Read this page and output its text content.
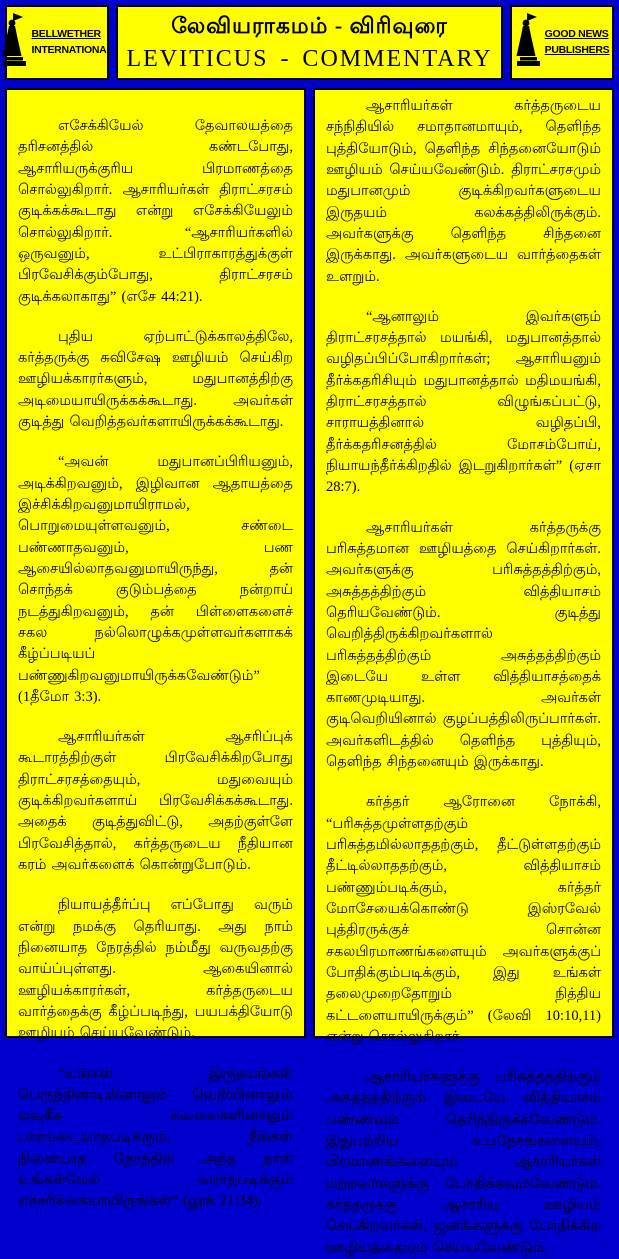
BELLWETHER
INTERNATIONAL
லேவியராகமம் - விரிவுரை
LEVITICUS - COMMENTARY
GOOD NEWS
PUBLISHERS

எசேக்கியேல் தேவாலயத்தை தரிசனத்தில் கண்டபோது, ஆசாரியருக்குரிய பிரமாணத்தை சொல்லுகிறார். ஆசாரியர்கள் திராட்சரசம் குடிக்கக்கூடாது என்று எசேக்கியேலும் சொல்லுகிறார். “ஆசாரியர்களில் ஒருவனும், உட்பிராகாரத்துக்குள் பிரவேசிக்கும்போது, திராட்சரசம் குடிக்கலாகாது” (எசே 44:21).

புதிய ஏற்பாட்டுக்காலத்திலே, கர்த்தருக்கு சுவிசேஷ ஊழியம் செய்கிற ஊழியக்காரர்களும், மதுபானத்திற்கு அடிமையாயிருக்கக்கூடாது. அவர்கள் குடித்து வெறித்தவர்களாயிருக்கக்கூடாது.

“அவன் மதுபானப்பிரியனும், அடிக்கிறவனும், இழிவான ஆதாயத்தை இச்சிக்கிறவனுமாயிராமல், பொறுமையுள்ளவனும், சண்டை பண்ணாதவனும், பண ஆசையில்லாதவனுமாயிருந்து, தன் சொந்தக் குடும்பத்தை நன்றாய் நடத்துகிறவனும், தன் பிள்ளைகளைச் சகல நல்லொழுக்கமுள்ளவர்களாகக் கீழ்ப்படியப் பண்ணுகிறவனுமாயிருக்கவேண்டும்” (1தீமோ 3:3).

ஆசாரியர்கள் ஆசரிப்புக் கூடாரத்திற்குள் பிரவேசிக்கிறபோது திராட்சரசத்தையும், மதுவையும் குடிக்கிறவர்களாய் பிரவேசிக்கக்கூடாது. அதைக் குடித்துவிட்டு, அதற்குள்ளே பிரவேசித்தால், கர்த்தருடைய நீதியான கரம் அவர்களைக் கொன்றுபோடும்.

நியாயத்தீர்ப்பு எப்போது வரும் என்று நமக்கு தெரியாது. அது நாம் நினையாத நேரத்தில் நம்மீது வருவதற்கு வாய்ப்புள்ளது. ஆகையினால் ஊழியக்காரர்கள், கர்த்தருடைய வார்த்தைக்கு கீழ்ப்படிந்து, பயபக்தியோடு ஊழியம் செய்யவேண்டும்.

“உங்கள் இருதயங்கள் பெருந்திண்டியினாலும் வெறியினாலும் லவுகீக கவலைகளினாலும் பாரமடையாதபடிக்கும், நீங்கள் நினையாத நேரத்தில் அந்த நாள் உங்கள்மேல் வராதபடிக்கும் எச்சரிக்கையாயிருங்கள்” (லூக் 21:34).

ஆசாரியர்கள் கர்த்தருடைய சந்நிதியில் சமாதானமாயும், தெளிந்த புத்தியோடும், தெளிந்த சிந்தனையோடும் ஊழியம் செய்யவேண்டும். திராட்சரசமும் மதுபானமும் குடிக்கிறவர்களுடைய இருதயம் கலக்கத்திலிருக்கும். அவர்களுக்கு தெளிந்த சிந்தனை இருக்காது. அவர்களுடைய வார்த்தைகள் உளறும்.

“ஆனாலும் இவர்களும் திராட்சரசத்தால் மயங்கி, மதுபானத்தால் வழிதப்பிப்போகிறார்கள்; ஆசாரியனும் தீர்க்கதரிசியும் மதுபானத்தால் மதிமயங்கி, திராட்சரசத்தால் விழுங்கப்பட்டு, சாராயத்தினால் வழிதப்பி, தீர்க்கதரிசனத்தில் மோசம்போய், நியாயந்தீர்க்கிறதில் இடறுகிறார்கள்” (ஏசா 28:7).

ஆசாரியர்கள் கர்த்தருக்கு பரிசுத்தமான ஊழியத்தை செய்கிறார்கள். அவர்களுக்கு பரிசுத்தத்திற்கும், அசுத்தத்திற்கும் வித்தியாசம் தெரியவேண்டும். குடித்து வெறித்திருக்கிறவர்களால் பரிசுத்தத்திற்கும் அசுத்தத்திற்கும் இடையே உள்ள வித்தியாசத்தைக் காணமுடியாது. அவர்கள் குடிவெறியினால் குழப்பத்திலிருப்பார்கள். அவர்களிடத்தில் தெளிந்த புத்தியும், தெளிந்த சிந்தனையும் இருக்காது.

கர்த்தர் ஆரோனை நோக்கி, “பரிசுத்தமுள்ளதற்கும் பரிசுத்தமில்லாததற்கும், தீட்டுள்ளதற்கும் தீட்டில்லாததற்கும், வித்தியாசம் பண்ணும்படிக்கும், கர்த்தர் மோசேயைக்கொண்டு இஸ்ரவேல் புத்திரருக்குச் சொன்ன சகலபிரமாணங்களையும் அவர்களுக்குப் போதிக்கும்படிக்கும், இது உங்கள் தலைமுறைதோறும் நித்திய கட்டளையாயிருக்கும்” (லேவி 10:10,11) என்று சொல்லுகிறார்.

ஆசாரியர்களுக்கு பரிசுத்தத்திற்கும் அசுத்தத்திற்கும் இடையே வித்தியாசம் பண்ணவும் தெரிந்திருக்கவேண்டும். இதுபற்றிய உபதேசங்களையும், பிரமாணங்களையும் ஆசாரியர்கள் மற்றவர்களுக்கு போதிக்கவும்வேண்டும். கர்த்தருக்கு ஆசாரிய ஊழியம் செய்கிறவர்கள், ஜனங்களுக்கு போதிக்கிற ஊழியத்தையும் செய்யவேண்டும்.
